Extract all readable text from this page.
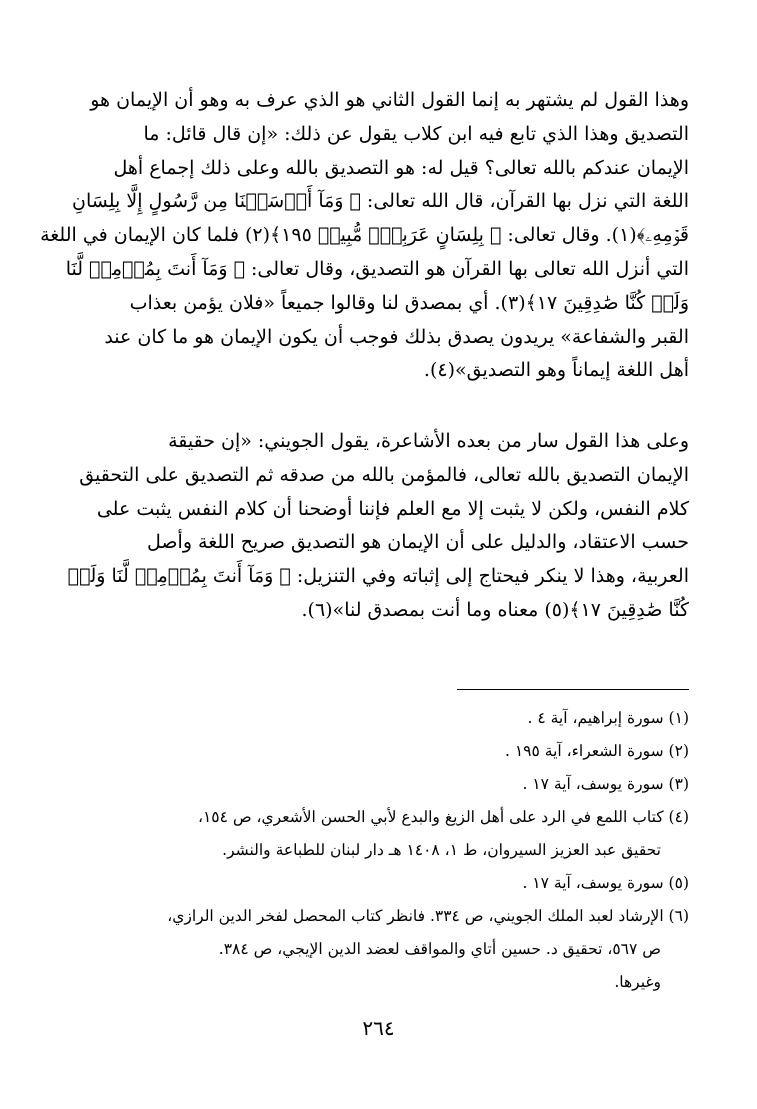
وهذا القول لم يشتهر به إنما القول الثاني هو الذي عرف به وهو أن الإيمان هو
التصديق وهذا الذي تابع فيه ابن كلاب يقول عن ذلك: «إن قال قائل: ما
الإيمان عندكم بالله تعالى؟ قيل له: هو التصديق بالله وعلى ذلك إجماع أهل
اللغة التي نزل بها القرآن، قال الله تعالى: ﴿ وَمَآ أَرۡسَلۡنَا مِن رَّسُولٍ إِلَّا بِلِسَانِ
قَوۡمِهِۦ﴾(١). وقال تعالى: ﴿ بِلِسَانٍ عَرَبِيّٖ مُّبِينٖ ١٩٥﴾(٢) فلما كان الإيمان في اللغة
التي أنزل الله تعالى بها القرآن هو التصديق، وقال تعالى: ﴿ وَمَآ أَنتَ بِمُؤۡمِنٖ لَّنَا
وَلَوۡ كُنَّا صَٰدِقِينَ ١٧﴾(٣). أي بمصدق لنا وقالوا جميعاً «فلان يؤمن بعذاب
القبر والشفاعة» يريدون يصدق بذلك فوجب أن يكون الإيمان هو ما كان عند
أهل اللغة إيماناً وهو التصديق»(٤).
وعلى هذا القول سار من بعده الأشاعرة، يقول الجويني: «إن حقيقة
الإيمان التصديق بالله تعالى، فالمؤمن بالله من صدقه ثم التصديق على التحقيق
كلام النفس، ولكن لا يثبت إلا مع العلم فإننا أوضحنا أن كلام النفس يثبت على
حسب الاعتقاد، والدليل على أن الإيمان هو التصديق صريح اللغة وأصل
العربية، وهذا لا ينكر فيحتاج إلى إثباته وفي التنزيل: ﴿ وَمَآ أَنتَ بِمُؤۡمِنٖ لَّنَا وَلَوۡ
كُنَّا صَٰدِقِينَ ١٧﴾(٥) معناه وما أنت بمصدق لنا»(٦).
(١) سورة إبراهيم، آية ٤ .
(٢) سورة الشعراء، آية ١٩٥ .
(٣) سورة يوسف، آية ١٧ .
(٤) كتاب اللمع في الرد على أهل الزيغ والبدع لأبي الحسن الأشعري، ص ١٥٤،
تحقيق عبد العزيز السيروان، ط ١، ١٤٠٨ هـ دار لبنان للطباعة والنشر.
(٥) سورة يوسف، آية ١٧ .
(٦) الإرشاد لعبد الملك الجويني، ص ٣٣٤. فانظر كتاب المحصل لفخر الدين الرازي،
ص ٥٦٧، تحقيق د. حسين أتاي والمواقف لعضد الدين الإيجي، ص ٣٨٤.
وغيرها.
٢٦٤
